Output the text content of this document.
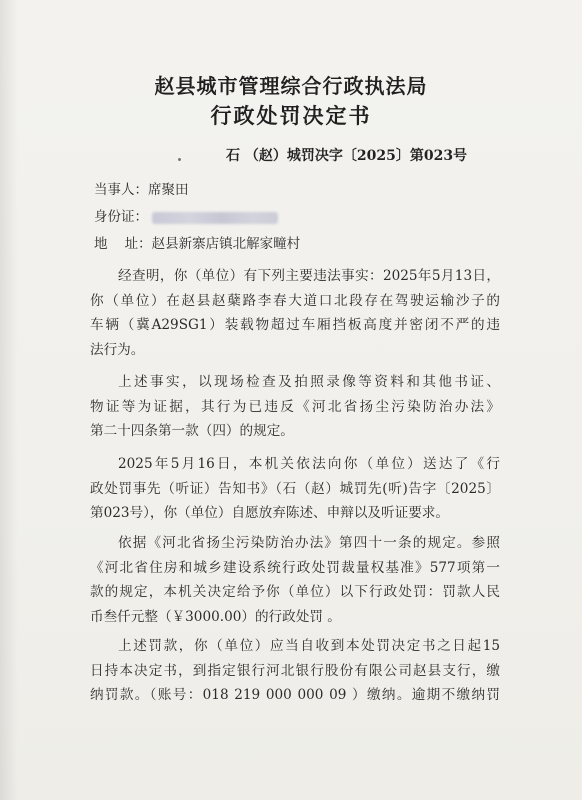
赵县城市管理综合行政执法局
行政处罚决定书
石 （赵）城罚决字〔2025〕第023号
当事人：席聚田
身份证：
地    址：赵县新寨店镇北解家疃村
经查明，你（单位）有下列主要违法事实：2025年5月13日，
你（单位）在赵县赵蘖路李春大道口北段存在驾驶运输沙子的
车辆（冀A29SG1）装载物超过车厢挡板高度并密闭不严的违
法行为。
上述事实，以现场检查及拍照录像等资料和其他书证、
物证等为证据，其行为已违反《河北省扬尘污染防治办法》
第二十四条第一款（四）的规定。
2025年5月16日，本机关依法向你（单位）送达了《行
政处罚事先（听证）告知书》（石（赵）城罚先(听)告字〔2025〕
第023号），你（单位）自愿放弃陈述、申辩以及听证要求。
依据《河北省扬尘污染防治办法》第四十一条的规定。参照
《河北省住房和城乡建设系统行政处罚裁量权基准》577项第一
款的规定，本机关决定给予你（单位）以下行政处罚：罚款人民
币叁仟元整（￥3000.00）的行政处罚 。
上述罚款，你（单位）应当自收到本处罚决定书之日起15
日持本决定书，到指定银行河北银行股份有限公司赵县支行，缴
纳罚款。（账号：018 219 000 000 09 ）缴纳。逾期不缴纳罚
